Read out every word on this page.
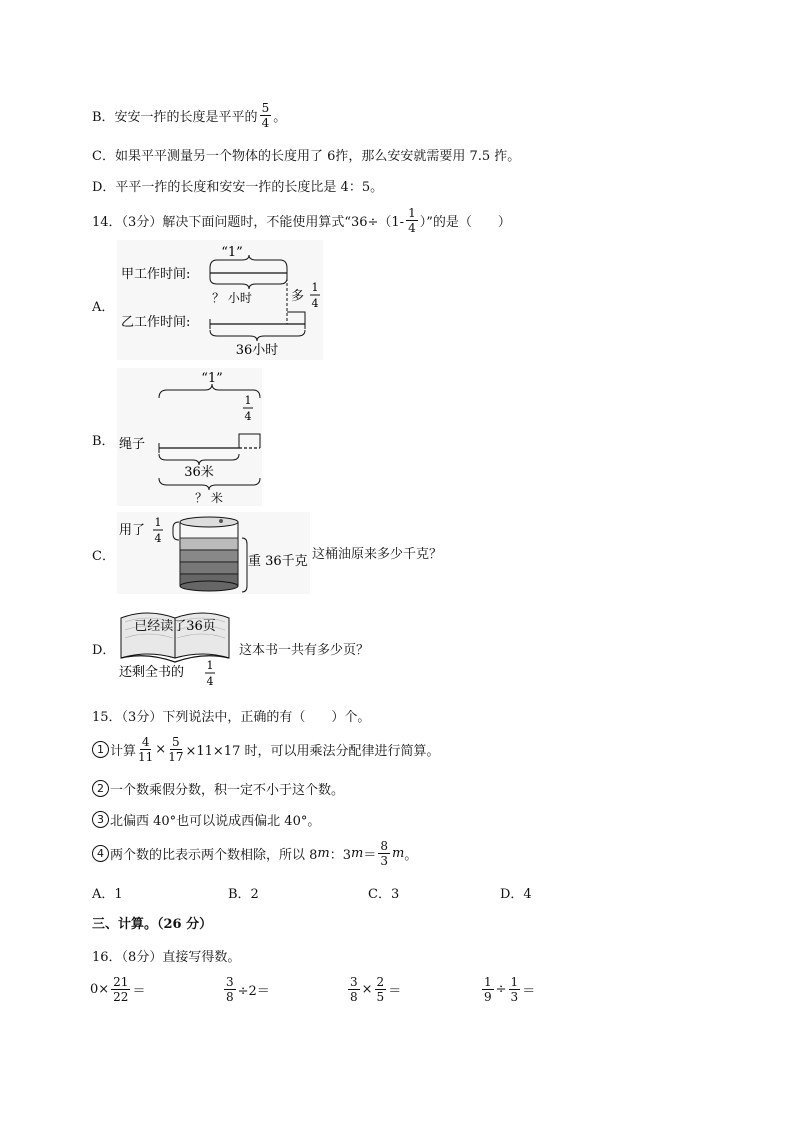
B．安安一拃的长度是平平的 $\frac{5}{4}$ 。
C．如果平平测量另一个物体的长度用了 6拃，那么安安就需要用 7.5 拃。
D．平平一拃的长度和安安一拃的长度比是 4：5。
14．（3分）解决下面问题时，不能使用算式“ $36\div(1- \frac{1}{4}$ ）”的是（　　）
A．
“1”
甲工作时间:
？ 小时	多
1
4
乙工作时间:
36小时
B．
“1”
1
4
绳子
36米
？ 米
C．
用了
1
4
重 36千克 这桶油原来多少千克？
D．
已经读了36页
还剩全书的 1
4
这本书一共有多少页？
15．（3分）下列说法中，正确的有（　　）个。
1 计算 $\frac{4}{11} \times \frac{5}{17} \times 11\times 17$ 时，可以用乘法分配律进行简算。
2 一个数乘假分数，积一定不小于这个数。
3 北偏西 40°也可以说成西偏北 40°。
4 两个数的比表示两个数相除，所以 8 m ：3 $m = \frac{8}{3}$ m 。
A．1	B．2	C．3	D．4
三、计算。（26 分）
16．（8分）直接写得数。
$0\times \frac{21}{22}$ ＝	$\frac{3}{8} \div 2=$	$\frac{3}{8} \times \frac{2}{5}$ ＝	$\frac{1}{9} \div \frac{1}{3}$ ＝
